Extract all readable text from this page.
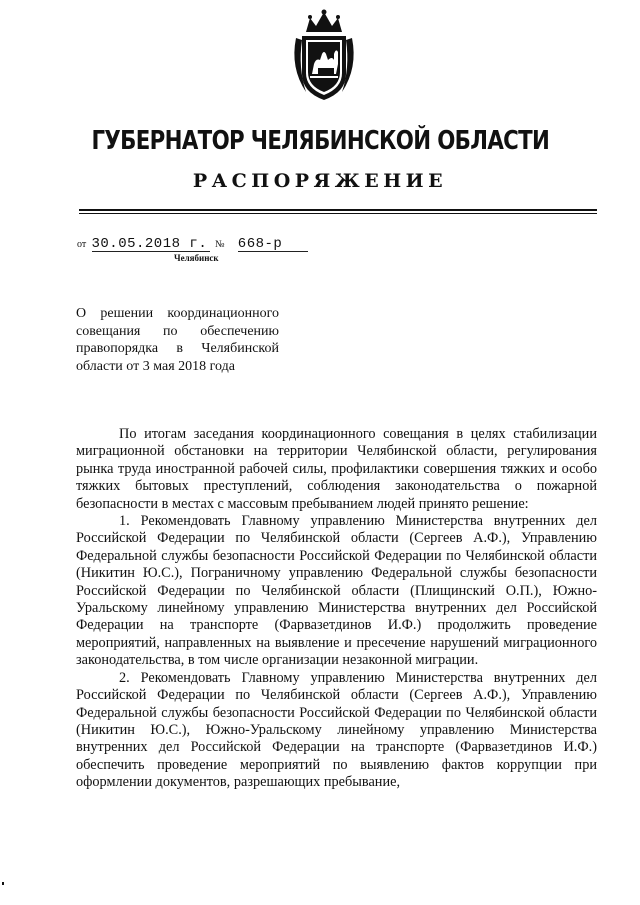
ГУБЕРНАТОР ЧЕЛЯБИНСКОЙ ОБЛАСТИ
РАСПОРЯЖЕНИЕ
от 30.05.2018 г. № 668-р
Челябинск
О решении координационного совещания по обеспечению правопорядка в Челябинской области от 3 мая 2018 года

По итогам заседания координационного совещания в целях стабилизации миграционной обстановки на территории Челябинской области, регулирования рынка труда иностранной рабочей силы, профилактики совершения тяжких и особо тяжких бытовых преступлений, соблюдения законодательства о пожарной безопасности в местах с массовым пребыванием людей принято решение:

1. Рекомендовать Главному управлению Министерства внутренних дел Российской Федерации по Челябинской области (Сергеев А.Ф.), Управлению Федеральной службы безопасности Российской Федерации по Челябинской области (Никитин Ю.С.), Пограничному управлению Федеральной службы безопасности Российской Федерации по Челябинской области (Плищинский О.П.), Южно-Уральскому линейному управлению Министерства внутренних дел Российской Федерации на транспорте (Фарвазетдинов И.Ф.) продолжить проведение мероприятий, направленных на выявление и пресечение нарушений миграционного законодательства, в том числе организации незаконной миграции.

2. Рекомендовать Главному управлению Министерства внутренних дел Российской Федерации по Челябинской области (Сергеев А.Ф.), Управлению Федеральной службы безопасности Российской Федерации по Челябинской области (Никитин Ю.С.), Южно-Уральскому линейному управлению Министерства внутренних дел Российской Федерации на транспорте (Фарвазетдинов И.Ф.) обеспечить проведение мероприятий по выявлению фактов коррупции при оформлении документов, разрешающих пребывание,
